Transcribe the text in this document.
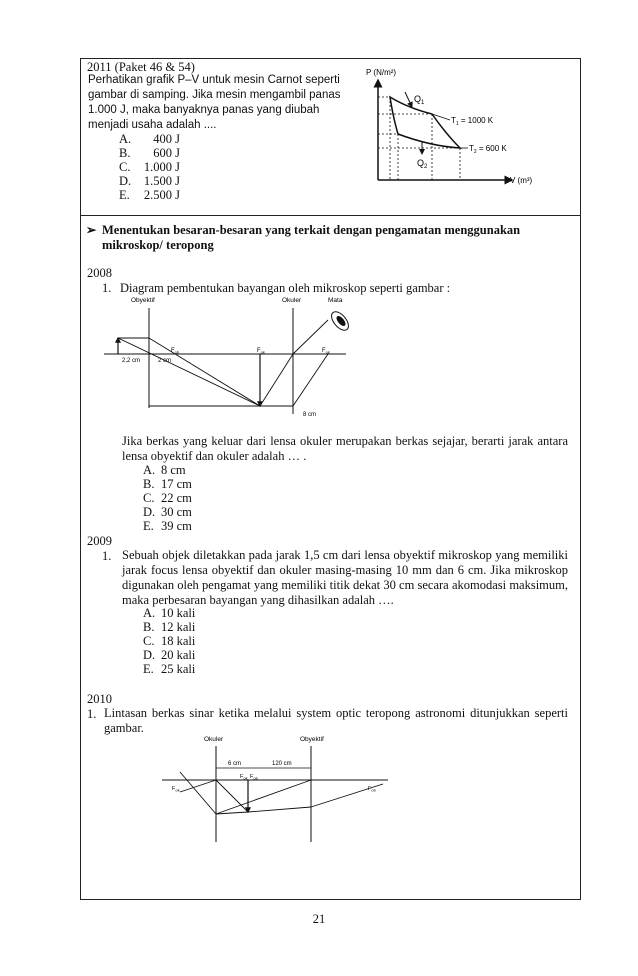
2011 (Paket 46 & 54)
Perhatikan grafik P–V untuk mesin Carnot seperti
gambar di samping. Jika mesin mengambil panas
1.000 J, maka banyaknya panas yang diubah
menjadi usaha adalah ....
A.	400 J
B.	600 J
C.	1.000 J
D.	1.500 J
E.	2.500 J
P (N/m²)
V (m³)
$Q_1$
$Q_2$
$T_1 = 1000$ K
$T_2 = 600$ K
➢ Menentukan besaran-besaran yang terkait dengan pengamatan menggunakan
mikroskop/ teropong
2008
1. Diagram pembentukan bayangan oleh mikroskop seperti gambar :
Obyektif	Okuler	Mata
$F_{ob}$	$F_{ok}$	$F_{ok}$
2,2 cm	2 cm
8 cm
Jika berkas yang keluar dari lensa okuler merupakan berkas sejajar, berarti jarak antara lensa obyektif dan okuler adalah … .
A. 8 cm
B. 17 cm
C. 22 cm
D. 30 cm
E. 39 cm
2009
1. Sebuah objek diletakkan pada jarak 1,5 cm dari lensa obyektif mikroskop yang memiliki jarak focus lensa obyektif dan okuler masing-masing 10 mm dan 6 cm. Jika mikroskop digunakan oleh pengamat yang memiliki titik dekat 30 cm secara akomodasi maksimum, maka perbesaran bayangan yang dihasilkan adalah ….
A. 10 kali
B. 12 kali
C. 18 kali
D. 20 kali
E. 25 kali
2010
1. Lintasan berkas sinar ketika melalui system optic teropong astronomi ditunjukkan seperti gambar.
Okuler	Obyektif
6 cm	120 cm
$F_{ok}$ $F_{ob}$
$F_{ok}$	$F_{ob}$
21
